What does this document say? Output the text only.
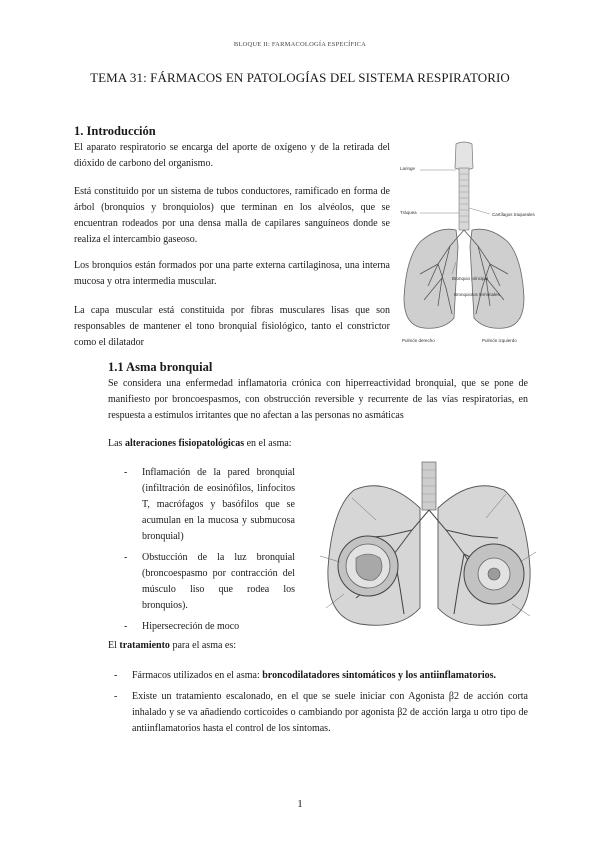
BLOQUE II: FARMACOLOGÍA ESPECÍFICA
TEMA 31: FÁRMACOS EN PATOLOGÍAS DEL SISTEMA RESPIRATORIO
1. Introducción
El aparato respiratorio se encarga del aporte de oxígeno y de la retirada del dióxido de carbono del organismo.
Está constituido por un sistema de tubos conductores, ramificado en forma de árbol (bronquios y bronquiolos) que terminan en los alvéolos, que se encuentran rodeados por una densa malla de capilares sanguíneos donde se realiza el intercambio gaseoso.
Los bronquios están formados por una parte externa cartilaginosa, una interna mucosa y otra intermedia muscular.
La capa muscular está constituida por fibras musculares lisas que son responsables de mantener el tono bronquial fisiológico, tanto el constrictor como el dilatador
Laringe
Tráquea	Cartílagos traqueales
Bronquio principal
Bronquiolos terminales
Pulmón derecho	Pulmón izquierdo
1.1 Asma bronquial
Se considera una enfermedad inflamatoria crónica con hiperreactividad bronquial, que se pone de manifiesto por broncoespasmos, con obstrucción reversible y recurrente de las vías respiratorias, en respuesta a estímulos irritantes que no afectan a las personas no asmáticas
Las alteraciones fisiopatológicas en el asma:
- Inflamación de la pared bronquial (infiltración de eosinófilos, linfocitos T, macrófagos y basófilos que se acumulan en la mucosa y submucosa bronquial)
- Obstucción de la luz bronquial (broncoespasmo por contracción del músculo liso que rodea los bronquios).
- Hipersecreción de moco
El tratamiento para el asma es:
- Fármacos utilizados en el asma: broncodilatadores sintomáticos y los antiinflamatorios.
- Existe un tratamiento escalonado, en el que se suele iniciar con Agonista β2 de acción corta inhalado y se va añadiendo corticoides o cambiando por agonista β2 de acción larga u otro tipo de antiinflamatorios hasta el control de los síntomas.
1
